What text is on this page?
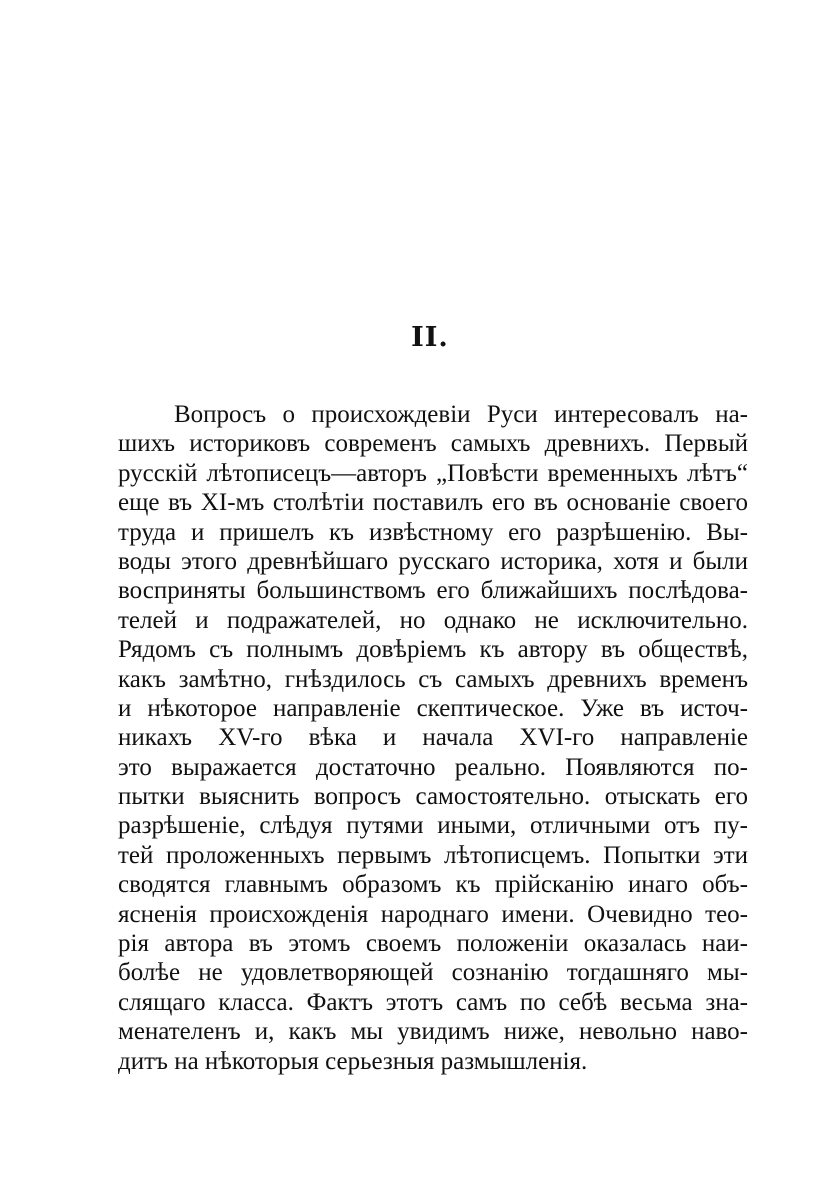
II.
Вопросъ о происхождевіи Руси интересовалъ на-
шихъ историковъ современъ самыхъ древнихъ. Первый
русскій лѣтописецъ—авторъ „Повѣсти временныхъ лѣтъ“
еще въ XI-мъ столѣтіи поставилъ его въ основаніе своего
труда и пришелъ къ извѣстному его разрѣшенію. Вы-
воды этого древнѣйшаго русскаго историка, хотя и были
восприняты большинствомъ его ближайшихъ послѣдова-
телей и подражателей, но однако не исключительно.
Рядомъ съ полнымъ довѣріемъ къ автору въ обществѣ,
какъ замѣтно, гнѣздилось съ самыхъ древнихъ временъ
и нѣкоторое направленіе скептическое. Уже въ источ-
никахъ XV-го вѣка и начала XVI-го направленіе
это выражается достаточно реально. Появляются по-
пытки выяснить вопросъ самостоятельно. отыскать его
разрѣшеніе, слѣдуя путями иными, отличными отъ пу-
тей проложенныхъ первымъ лѣтописцемъ. Попытки эти
сводятся главнымъ образомъ къ прійсканію инаго объ-
ясненія происхожденія народнаго имени. Очевидно тео-
рія автора въ этомъ своемъ положеніи оказалась наи-
болѣе не удовлетворяющей сознанію тогдашняго мы-
слящаго класса. Фактъ этотъ самъ по себѣ весьма зна-
менателенъ и, какъ мы увидимъ ниже, невольно наво-
дитъ на нѣкоторыя серьезныя размышленія.
